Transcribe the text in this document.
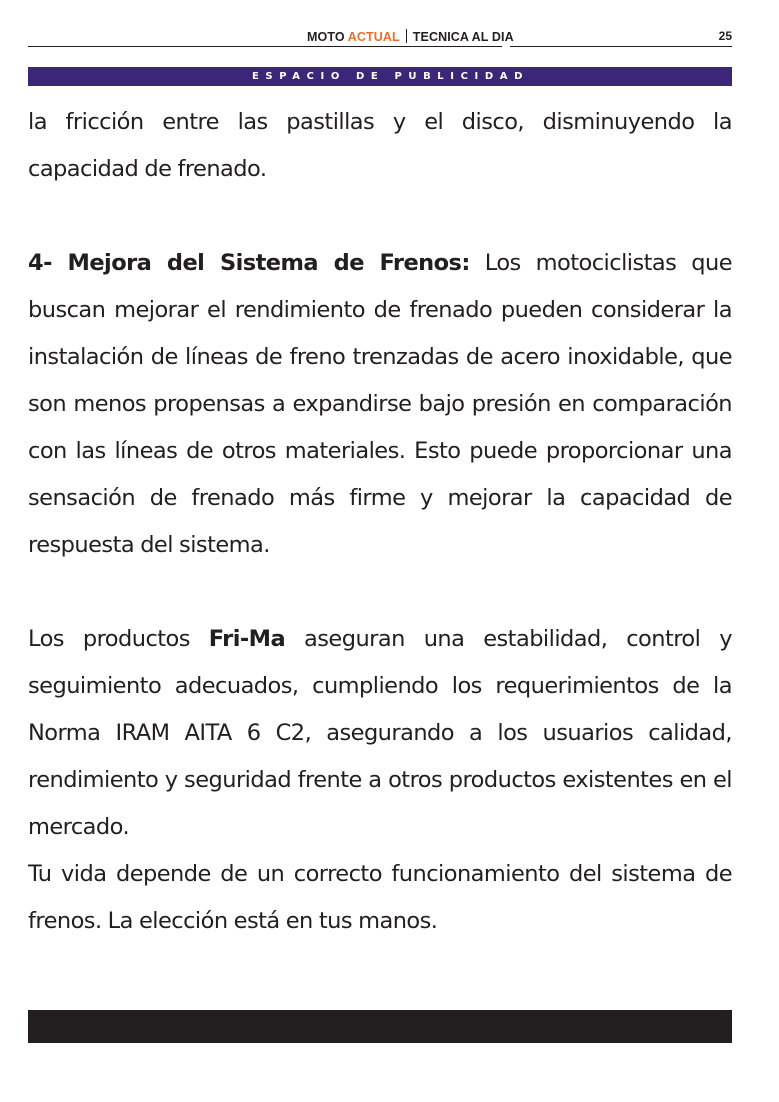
MOTO ACTUAL TECNICA AL DIA	25
ESPACIO DE PUBLICIDAD

la fricción entre las pastillas y el disco, disminuyendo la capacidad de frenado.

4- Mejora del Sistema de Frenos: Los motociclistas que buscan mejorar el rendimiento de frenado pueden considerar la instalación de líneas de freno trenzadas de acero inoxidable, que son menos propensas a expandirse bajo presión en comparación con las líneas de otros materiales. Esto puede proporcionar una sensación de frenado más firme y mejorar la capacidad de respuesta del sistema.

Los productos Fri-Ma aseguran una estabilidad, control y seguimiento adecuados, cumpliendo los requerimientos de la Norma IRAM AITA 6 C2, asegurando a los usuarios calidad, rendimiento y seguridad frente a otros productos existentes en el mercado.

Tu vida depende de un correcto funcionamiento del sistema de frenos. La elección está en tus manos.
